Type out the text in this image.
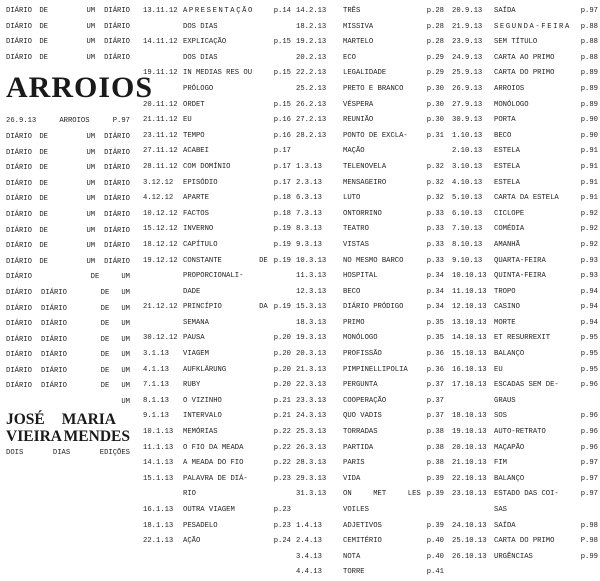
DIÁRIO	DE	UM	DIÁRIO
DIÁRIO	DE	UM	DIÁRIO
DIÁRIO	DE	UM	DIÁRIO
DIÁRIO	DE	UM	DIÁRIO
ARROIOS
26.9.13	ARROIOS	P.97
DIÁRIO	DE	UM	DIÁRIO
DIÁRIO	DE	UM	DIÁRIO
DIÁRIO	DE	UM	DIÁRIO
DIÁRIO	DE	UM	DIÁRIO
DIÁRIO	DE	UM	DIÁRIO
DIÁRIO	DE	UM	DIÁRIO
DIÁRIO	DE	UM	DIÁRIO
DIÁRIO	DE	UM	DIÁRIO
DIÁRIO	DE	UM	DIÁRIO
DIÁRIO	DE	UM
DIÁRIO	DIÁRIO	DE	UM
DIÁRIO	DIÁRIO	DE	UM
DIÁRIO	DIÁRIO	DE	UM
DIÁRIO	DIÁRIO	DE	UM
DIÁRIO	DIÁRIO	DE	UM
DIÁRIO	DIÁRIO	DE	UM
DIÁRIO	DIÁRIO	DE	UM
UM
JOSÉ MARIA
VIEIRA MENDES
DOIS	DIAS	EDIÇÕES
13.11.12 APRESENTAÇÃO	p.14
DOS DIAS
14.11.12 EXPLICAÇÃO	p.15
DOS DIAS
19.11.12 IN MEDIAS RES OU	p.15
PRÓLOGO
20.11.12 ORDET	p.15
21.11.12 EU	p.16
23.11.12 TEMPO	p.16
27.11.12 ACABEI	p.17
28.11.12 COM DOMÍNIO	p.17
3.12.12	EPISÓDIO	p.17
4.12.12	APARTE	p.18
10.12.12 FACTOS	p.18
15.12.12 INVERNO	p.19
18.12.12 CAPÍTULO	p.19
19.12.12 CONSTANTE	DE p.19
PROPORCIONALI-
DADE
21.12.12 PRINCÍPIO	DA p.19
SEMANA
30.12.12 PAUSA	p.20
3.1.13	VIAGEM	p.20
4.1.13	AUFKLÄRUNG	p.20
7.1.13	RUBY	p.20
8.1.13	O VIZINHO	p.21
9.1.13	INTERVALO	p.21
10.1.13	MEMÓRIAS	p.22
11.1.13	O FIO DA MEADA	p.22
14.1.13	A MEADA DO FIO	p.22
15.1.13	PALAVRA DE DIÁ-	p.23
RIO
16.1.13	OUTRA VIAGEM	p.23
18.1.13	PESADELO	p.23
22.1.13	AÇÃO	p.24
14.2.13	TRÊS	p.28
18.2.13	MISSIVA	p.28
19.2.13	MARTELO	p.28
20.2.13	ECO	p.29
22.2.13	LEGALIDADE	p.29
25.2.13	PRETO E BRANCO	p.30
26.2.13	VÉSPERA	p.30
27.2.13	REUNIÃO	p.30
28.2.13	PONTO DE EXCLA-	p.31
MAÇÃO
1.3.13	TELENOVELA	p.32
2.3.13	MENSAGEIRO	p.32
6.3.13	LUTO	p.32
7.3.13	ONTORRINO	p.33
8.3.13	TEATRO	p.33
9.3.13	VISTAS	p.33
10.3.13	NO MESMO BARCO	p.33
11.3.13	HOSPITAL	p.34
12.3.13	BECO	p.34
15.3.13	DIÁRIO PRÓDIGO	p.34
18.3.13	PRIMO	p.35
19.3.13	MONÓLOGO	p.35
20.3.13	PROFISSÃO	p.36
21.3.13	PIMPINELLIPOLIA	p.36
22.3.13	PERGUNTA	p.37
23.3.13	COOPERAÇÃO	p.37
24.3.13	QUO VADIS	p.37
25.3.13	TORRADAS	p.38
26.3.13	PARTIDA	p.38
28.3.13	PARIS	p.38
29.3.13	VIDA	p.39
31.3.13	ON	MET	LES p.39
VOILES
1.4.13	ADJETIVOS	p.39
2.4.13	CEMITÉRIO	p.40
3.4.13	NOTA	p.40
4.4.13	TORRE	p.41
20.9.13	SAÍDA	p.97
21.9.13	SEGUNDA-FEIRA	p.88
23.9.13	SEM TÍTULO	p.88
24.9.13	CARTA AO PRIMO	p.88
25.9.13	CARTA DO PRIMO	p.89
26.9.13	ARROIOS	p.89
27.9.13	MONÓLOGO	p.89
30.9.13	PORTA	p.90
1.10.13	BECO	p.90
2.10.13	ESTELA	p.91
3.10.13	ESTELA	p.91
4.10.13	ESTELA	p.91
5.10.13	CARTA DA ESTELA	p.91
6.10.13	CICLOPE	p.92
7.10.13	COMÉDIA	p.92
8.10.13	AMANHÃ	p.92
9.10.13	QUARTA-FEIRA	p.93
10.10.13	QUINTA-FEIRA	p.93
11.10.13	TROPO	p.94
12.10.13	CASINO	p.94
13.10.13	MORTE	p.94
14.10.13	ET RESURREXIT	p.95
15.10.13	BALANÇO	p.95
16.10.13	EU	p.95
17.10.13	ESCADAS SEM DE-	p.96
GRAUS
18.10.13	SOS	p.96
19.10.13	AUTO-RETRATO	p.96
20.10.13	MAÇAPÃO	p.96
21.10.13	FIM	p.97
22.10.13	BALANÇO	p.97
23.10.13	ESTADO DAS COI-	p.97
SAS
24.10.13	SAÍDA	p.98
25.10.13	CARTA DO PRIMO	P.98
26.10.13	URGÊNCIAS	p.99
